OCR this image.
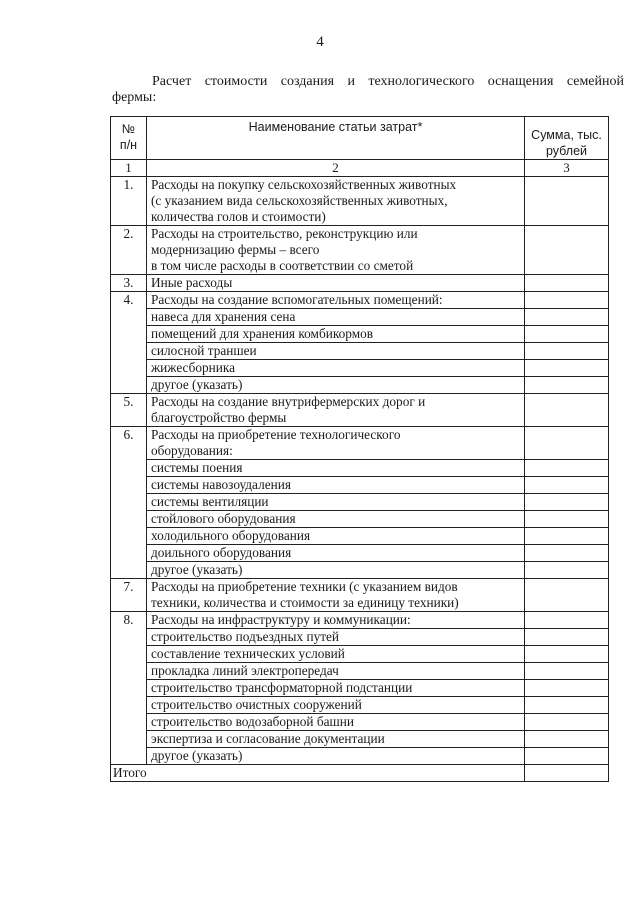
4
Расчет стоимости создания и технологического оснащения семейной
фермы:
№ п/н	Наименование статьи затрат*	Сумма, тыс. рублей
1	2	3
1.	Расходы на покупку сельскохозяйственных животных
(с указанием вида сельскохозяйственных животных,
количества голов и стоимости)	

2.	Расходы на строительство, реконструкцию или
модернизацию фермы – всего
в том числе расходы в соответствии со сметой	

3.	Иные расходы	

4.	Расходы на создание вспомогательных помещений:	

	навеса для хранения сена	
	помещений для хранения комбикормов	
	силосной траншеи	
	жижесборника	
	другое (указать)	
5.	Расходы на создание внутрифермерских дорог и
благоустройство фермы	

6.	Расходы на приобретение технологического
оборудования:	

	системы поения	
	системы навозоудаления	
	системы вентиляции	
	стойлового оборудования	
	холодильного оборудования	
	доильного оборудования	
	другое (указать)	
7.	Расходы на приобретение техники (с указанием видов
техники, количества и стоимости за единицу техники)	

8.	Расходы на инфраструктуру и коммуникации:	

	строительство подъездных путей	
	составление технических условий	
	прокладка линий электропередач	
	строительство трансформаторной подстанции	
	строительство очистных сооружений	
	строительство водозаборной башни	
	экспертиза и согласование документации	
	другое (указать)	
Итого		
